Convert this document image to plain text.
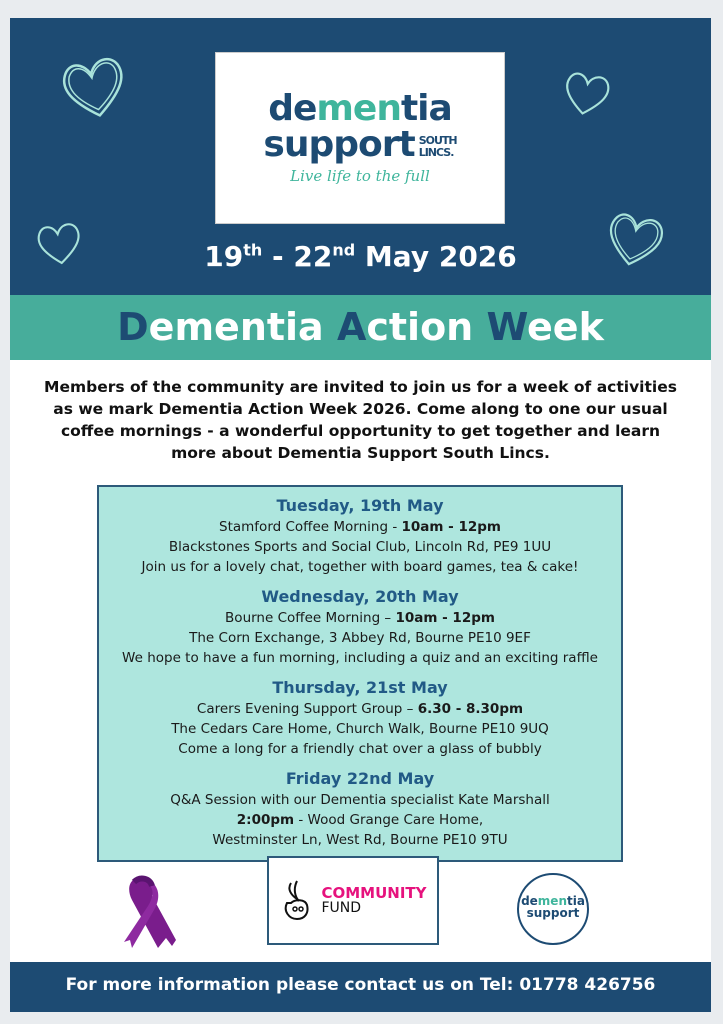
dementia
support SOUTH
LINCS.
Live life to the full
19th - 22nd May 2026
Dementia Action Week
Members of the community are invited to join us for a week of activities as we mark Dementia Action Week 2026. Come along to one our usual coffee mornings - a wonderful opportunity to get together and learn more about Dementia Support South Lincs.
Tuesday, 19th May
Stamford Coffee Morning - 10am - 12pm
Blackstones Sports and Social Club, Lincoln Rd, PE9 1UU
Join us for a lovely chat, together with board games, tea & cake!
Wednesday, 20th May
Bourne Coffee Morning – 10am - 12pm
The Corn Exchange, 3 Abbey Rd, Bourne PE10 9EF
We hope to have a fun morning, including a quiz and an exciting raffle
Thursday, 21st May
Carers Evening Support Group – 6.30 - 8.30pm
The Cedars Care Home, Church Walk, Bourne PE10 9UQ
Come a long for a friendly chat over a glass of bubbly
Friday 22nd May
Q&A Session with our Dementia specialist Kate Marshall
2:00pm - Wood Grange Care Home,
Westminster Ln, West Rd, Bourne PE10 9TU
COMMUNITY
FUND	dementia
support
For more information please contact us on Tel: 01778 426756
